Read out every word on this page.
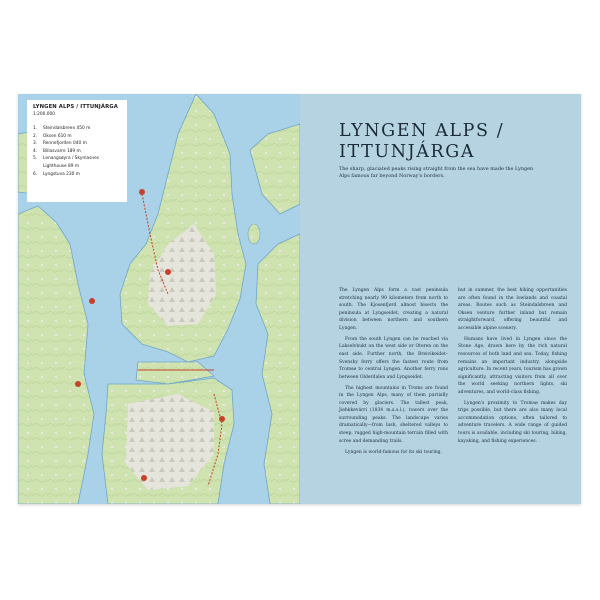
LYNGEN ALPS / ITTUNJÁRGA
1:200.000
1.	Steindalsbreen 450 m
2.	Oksen 610 m
3.	Rennefjorden 040 m
4.	Billasvarre 189 m
5.	Lenangsøyra / Skymasnes Lighthouse 89 m
6.	Lyngstuva 230 m
LYNGEN ALPS /
ITTUNJÁRGA
The sharp, glaciated peaks rising straight from the sea have made the Lyngen Alps famous far beyond Norway's borders.

The Lyngen Alps form a vast peninsula stretching nearly 90 kilometers from north to south. The Kjosenfjord almost bisects the peninsula at Lyngseidet, creating a natural division between northern and southern Lyngen.

From the south Lyngen can be reached via Lakselvbukt on the west side or Oteren on the east side. Further north, the Breivikeidet–Svensby ferry offers the fastest route from Tromsø to central Lyngen. Another ferry runs between Olderdalen and Lyngseidet.

The highest mountains in Troms are found in the Lyngen Alps, many of them partially covered by glaciers. The tallest peak, Jiehkkevárri (1834 m.a.s.l.), towers over the surrounding peaks. The landscape varies dramatically—from lush, sheltered valleys to steep, rugged high-mountain terrain filled with scree and demanding trails.

Lyngen is world-famous for its ski touring,

but in summer, the best hiking opportunities are often found in the lowlands and coastal areas. Routes such as Steindalsbreen and Oksen venture further inland but remain straightforward, offering beautiful and accessible alpine scenery.

Humans have lived in Lyngen since the Stone Age, drawn here by the rich natural resources of both land and sea. Today, fishing remains an important industry, alongside agriculture. In recent years, tourism has grown significantly, attracting visitors from all over the world seeking northern lights, ski adventures, and world-class fishing.

Lyngen's proximity to Tromsø makes day trips possible, but there are also many local accommodation options, often tailored to adventure travelers. A wide range of guided tours is available, including ski touring, biking, kayaking, and fishing experiences.
